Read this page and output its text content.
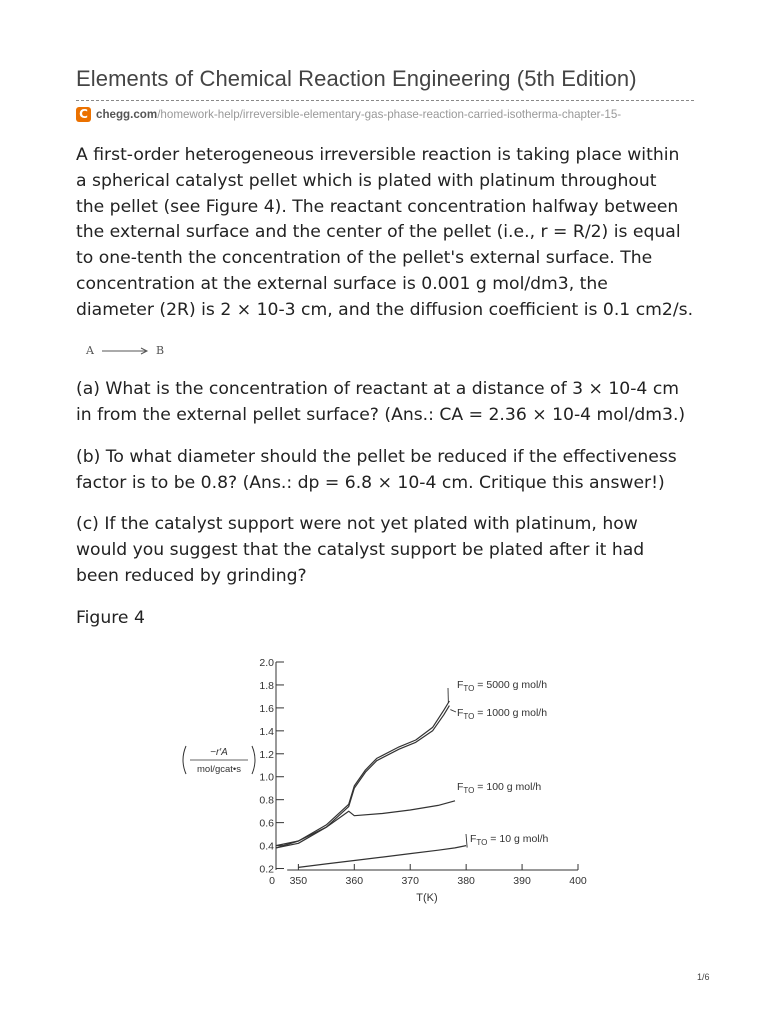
Elements of Chemical Reaction Engineering (5th Edition)
C chegg.com /homework-help/irreversible-elementary-gas-phase-reaction-carried-isotherma-chapter-15-

A first-order heterogeneous irreversible reaction is taking place within
a spherical catalyst pellet which is plated with platinum throughout
the pellet (see Figure 4). The reactant concentration halfway between
the external surface and the center of the pellet (i.e., r = R/2) is equal
to one-tenth the concentration of the pellet's external surface. The
concentration at the external surface is 0.001 g mol/dm3, the
diameter (2R) is 2 × 10-3 cm, and the diffusion coefficient is 0.1 cm2/s.

A	B

(a) What is the concentration of reactant at a distance of 3 × 10-4 cm
in from the external pellet surface? (Ans.: CA = 2.36 × 10-4 mol/dm3.)

(b) To what diameter should the pellet be reduced if the effectiveness
factor is to be 0.8? (Ans.: dp = 6.8 × 10-4 cm. Critique this answer!)

(c) If the catalyst support were not yet plated with platinum, how
would you suggest that the catalyst support be plated after it had
been reduced by grinding?

Figure 4
0.2
0.4
0.6
0.8
1.0
1.2
1.4
1.6
1.8
2.0
350	360	370	380	390	400
0
T(K)
−r′A
mol/gcat•s
$F_{TO} = 5000$ g mol/h
$F_{TO} = 1000$ g mol/h
$F_{TO} = 100$ g mol/h
$F_{TO} = 10$ g mol/h
1/6
